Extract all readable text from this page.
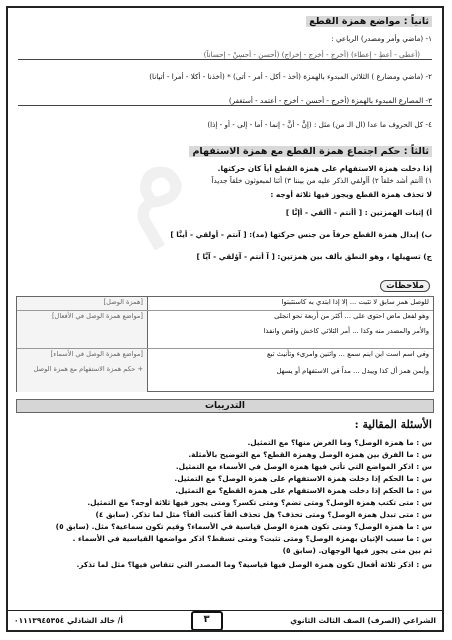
م
ثانياً : مواضع همزة القطع
١- (ماضي وأمر ومصدر) الرباعي :
(أعطى - أعطِ - إعطاء) (أخرج - أخرِج - إخراج) (أحسن - أحسِنْ - إحساناً)
٢- (ماضي ومضارع ) الثلاثي المبدوء بالهمزة (أخذ - أكل - أمر - أتى) * (أخذنا - أكلا - أمرا - أتيانا)
٣- المصارع المبدوء بالهمزة (أخرج - أحسن - أخرج - أعتمد - أستغفر)
٤- كل الحروف ما عدا (ال الـ من) مثل : (إنَّ - أنَّ - إنما - أما - إلى - أو - إذا)
ثالثاً : حكم اجتماع همزة القطع مع همزة الاستفهام
إذا دخلت همزة الاستفهام على همزة القطع أياً كان حركتها.
١) أأنتم أشد خلقاً ٢) أأُولقي الذكر عليه من بيننا ٣) أئنا لمبعوثون خلقاً جديداً
لا تحذف همزة القطع ويجوز فيها ثلاثة أوجه :
أ) إثبات الهمزتين : [ أأنتم - أأُلقي - أإنَّا ]
ب) إبدال همزة القطع حرفاً من جنس حركتها (مد): [ آنتم - أُولقي - أينَّا ]
ج) تسهيلها ، وهو النطق بألف بين همزتين: [ آ أنتم - آؤلقي - آيَّا ]
ملاحظات
للوصل همز سابق لا تثبت ... إلا إذا ابتدي به كاستثبتوا
[همزة الوصل]
وهو لفعل ماض احتوى على ... أكثر من أربعة نحو انجلى
والأمر والمصدر منه وكذا ... أمر الثلاثي كاخش واقض وانفذا
[مواضع همزة الوصل في الأفعال]
وفي اسم است ابن ابنم سمع ... واثنين وامرىء وتأنيث تبع
وأيمن همز أل كذا ويبدل ... مداً في الاستفهام أو يسهل
[مواضع همزة الوصل في الأسماء]
+ حكم همزة الاستفهام مع همزة الوصل
التدريبات
الأسئلة المقالية :
س : ما همزة الوصل؟ وما الغرض منها؟ مع التمثيل.
س : ما الفرق بين همزة الوصل وهمزة القطع؟ مع التوضيح بالأمثلة.
س : اذكر المواضع التي تأتي فيها همزة الوصل في الأسماء مع التمثيل.
س : ما الحكم إذا دخلت همزة الاستفهام على همزة الوصل؟ مع التمثيل.
س : ما الحكم إذا دخلت همزة الاستفهام على همزة القطع؟ مع التمثيل.
س : متى تكتب همزة الوصل؟ ومتى تضم؟ ومتى تكسر؟ ومتى يجوز فيها ثلاثة أوجه؟ مع التمثيل.
س : متى تبدل همزة الوصل؟ ومتى تحذف؟ هل تحذف ألفاً كتبت ألفاً؟ مثل لما تذكر. (سابق ٤)
س : ما همزة الوصل؟ ومتى تكون همزة الوصل قياسية في الأسماء؟ وقيم تكون سماعية؟ مثل. (سابق ٥)
س : ما سبب الإتيان بهمزة الوصل؟ ومتى تثبت؟ ومتى تسقط؟ اذكر مواضعها القياسية في الأسماء .
ثم بين متى يجوز فيها الوجهان. (سابق ٥)
س : اذكر ثلاثة أفعال تكون همزة الوصل فيها قياسية؟ وما المصدر التي تتقاس فيها؟ مثل لما تذكر.
الشراعي (الصرف) الصف الثالث الثانوي
٣
أ/ خالد الشاذلي ٠١١١٣٩٤٥٣٥٤
